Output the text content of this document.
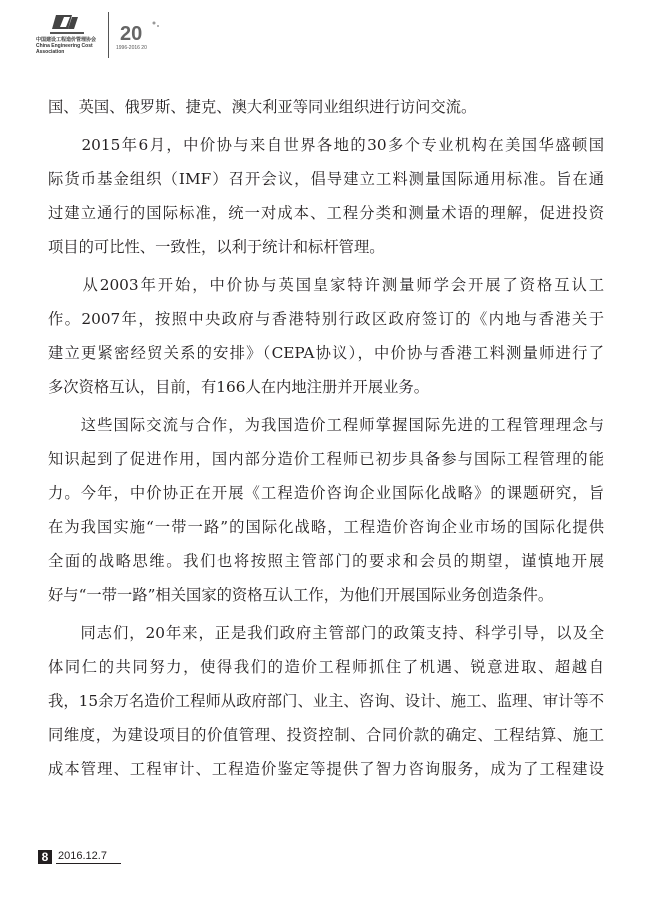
中国建设工程造价管理协会 China Engineering Cost Association
20
1996-2016 20
国、英国、俄罗斯、捷克、澳大利亚等同业组织进行访问交流。
　　2015年6月，中价协与来自世界各地的30多个专业机构在美国华盛顿国
际货币基金组织（IMF）召开会议，倡导建立工料测量国际通用标准。旨在通
过建立通行的国际标准，统一对成本、工程分类和测量术语的理解，促进投资
项目的可比性、一致性，以利于统计和标杆管理。
　　从2003年开始，中价协与英国皇家特许测量师学会开展了资格互认工
作。2007年，按照中央政府与香港特别行政区政府签订的《内地与香港关于
建立更紧密经贸关系的安排》（CEPA协议），中价协与香港工料测量师进行了
多次资格互认，目前，有166人在内地注册并开展业务。
　　这些国际交流与合作，为我国造价工程师掌握国际先进的工程管理理念与
知识起到了促进作用，国内部分造价工程师已初步具备参与国际工程管理的能
力。今年，中价协正在开展《工程造价咨询企业国际化战略》的课题研究，旨
在为我国实施“一带一路”的国际化战略，工程造价咨询企业市场的国际化提供
全面的战略思维。我们也将按照主管部门的要求和会员的期望，谨慎地开展
好与“一带一路”相关国家的资格互认工作，为他们开展国际业务创造条件。
　　同志们，20年来，正是我们政府主管部门的政策支持、科学引导，以及全
体同仁的共同努力，使得我们的造价工程师抓住了机遇、锐意进取、超越自
我，15余万名造价工程师从政府部门、业主、咨询、设计、施工、监理、审计等不
同维度，为建设项目的价值管理、投资控制、合同价款的确定、工程结算、施工
成本管理、工程审计、工程造价鉴定等提供了智力咨询服务，成为了工程建设
8 2016.12.7
